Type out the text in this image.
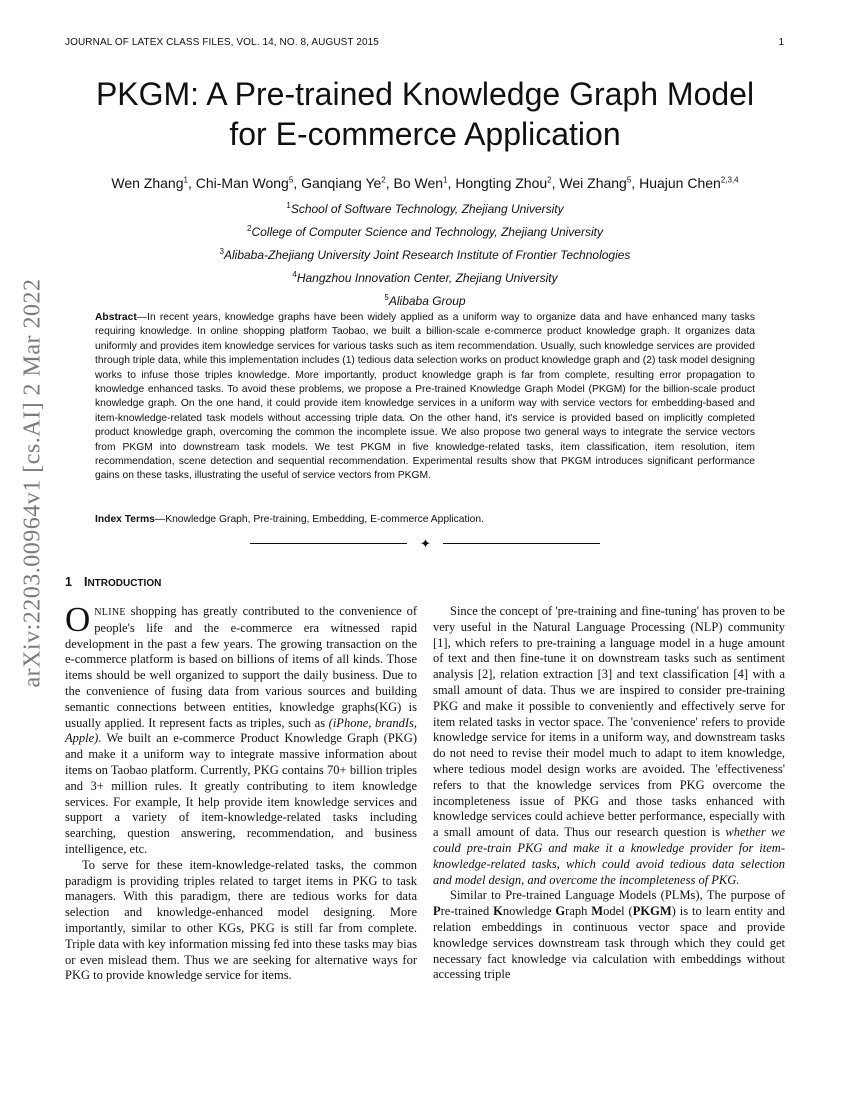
JOURNAL OF LATEX CLASS FILES, VOL. 14, NO. 8, AUGUST 2015	1
arXiv:2203.00964v1 [cs.AI] 2 Mar 2022
PKGM: A Pre-trained Knowledge Graph Model
for E-commerce Application
Wen Zhang$^1$, Chi-Man Wong$^5$, Ganqiang Ye$^2$, Bo Wen$^1$, Hongting Zhou$^2$, Wei Zhang$^5$, Huajun Chen$^{2,3,4}$
$^1$School of Software Technology, Zhejiang University
$^2$College of Computer Science and Technology, Zhejiang University
$^3$Alibaba-Zhejiang University Joint Research Institute of Frontier Technologies
$^4$Hangzhou Innovation Center, Zhejiang University
$^5$Alibaba Group
Abstract—In recent years, knowledge graphs have been widely applied as a uniform way to organize data and have enhanced many tasks requiring knowledge. In online shopping platform Taobao, we built a billion-scale e-commerce product knowledge graph. It organizes data uniformly and provides item knowledge services for various tasks such as item recommendation. Usually, such knowledge services are provided through triple data, while this implementation includes (1) tedious data selection works on product knowledge graph and (2) task model designing works to infuse those triples knowledge. More importantly, product knowledge graph is far from complete, resulting error propagation to knowledge enhanced tasks. To avoid these problems, we propose a Pre-trained Knowledge Graph Model (PKGM) for the billion-scale product knowledge graph. On the one hand, it could provide item knowledge services in a uniform way with service vectors for embedding-based and item-knowledge-related task models without accessing triple data. On the other hand, it's service is provided based on implicitly completed product knowledge graph, overcoming the common the incomplete issue. We also propose two general ways to integrate the service vectors from PKGM into downstream task models. We test PKGM in five knowledge-related tasks, item classification, item resolution, item recommendation, scene detection and sequential recommendation. Experimental results show that PKGM introduces significant performance gains on these tasks, illustrating the useful of service vectors from PKGM.
Index Terms—Knowledge Graph, Pre-training, Embedding, E-commerce Application.
✦
1 INTRODUCTION

ONLINE shopping has greatly contributed to the convenience of people's life and the e-commerce era witnessed rapid development in the past a few years. The growing transaction on the e-commerce platform is based on billions of items of all kinds. Those items should be well organized to support the daily business. Due to the convenience of fusing data from various sources and building semantic connections between entities, knowledge graphs(KG) is usually applied. It represent facts as triples, such as (iPhone, brandIs, Apple). We built an e-commerce Product Knowledge Graph (PKG) and make it a uniform way to integrate massive information about items on Taobao platform. Currently, PKG contains 70+ billion triples and 3+ million rules. It greatly contributing to item knowledge services. For example, It help provide item knowledge services and support a variety of item-knowledge-related tasks including searching, question answering, recommendation, and business intelligence, etc.

To serve for these item-knowledge-related tasks, the common paradigm is providing triples related to target items in PKG to task managers. With this paradigm, there are tedious works for data selection and knowledge-enhanced model designing. More importantly, similar to other KGs, PKG is still far from complete. Triple data with key information missing fed into these tasks may bias or even mislead them. Thus we are seeking for alternative ways for PKG to provide knowledge service for items.

Since the concept of 'pre-training and fine-tuning' has proven to be very useful in the Natural Language Processing (NLP) community [1], which refers to pre-training a language model in a huge amount of text and then fine-tune it on downstream tasks such as sentiment analysis [2], relation extraction [3] and text classification [4] with a small amount of data. Thus we are inspired to consider pre-training PKG and make it possible to conveniently and effectively serve for item related tasks in vector space. The 'convenience' refers to provide knowledge service for items in a uniform way, and downstream tasks do not need to revise their model much to adapt to item knowledge, where tedious model design works are avoided. The 'effectiveness' refers to that the knowledge services from PKG overcome the incompleteness issue of PKG and those tasks enhanced with knowledge services could achieve better performance, especially with a small amount of data. Thus our research question is whether we could pre-train PKG and make it a knowledge provider for item-knowledge-related tasks, which could avoid tedious data selection and model design, and overcome the incompleteness of PKG.

Similar to Pre-trained Language Models (PLMs), The purpose of Pre-trained Knowledge Graph Model (PKGM) is to learn entity and relation embeddings in continuous vector space and provide knowledge services downstream task through which they could get necessary fact knowledge via calculation with embeddings without accessing triple
